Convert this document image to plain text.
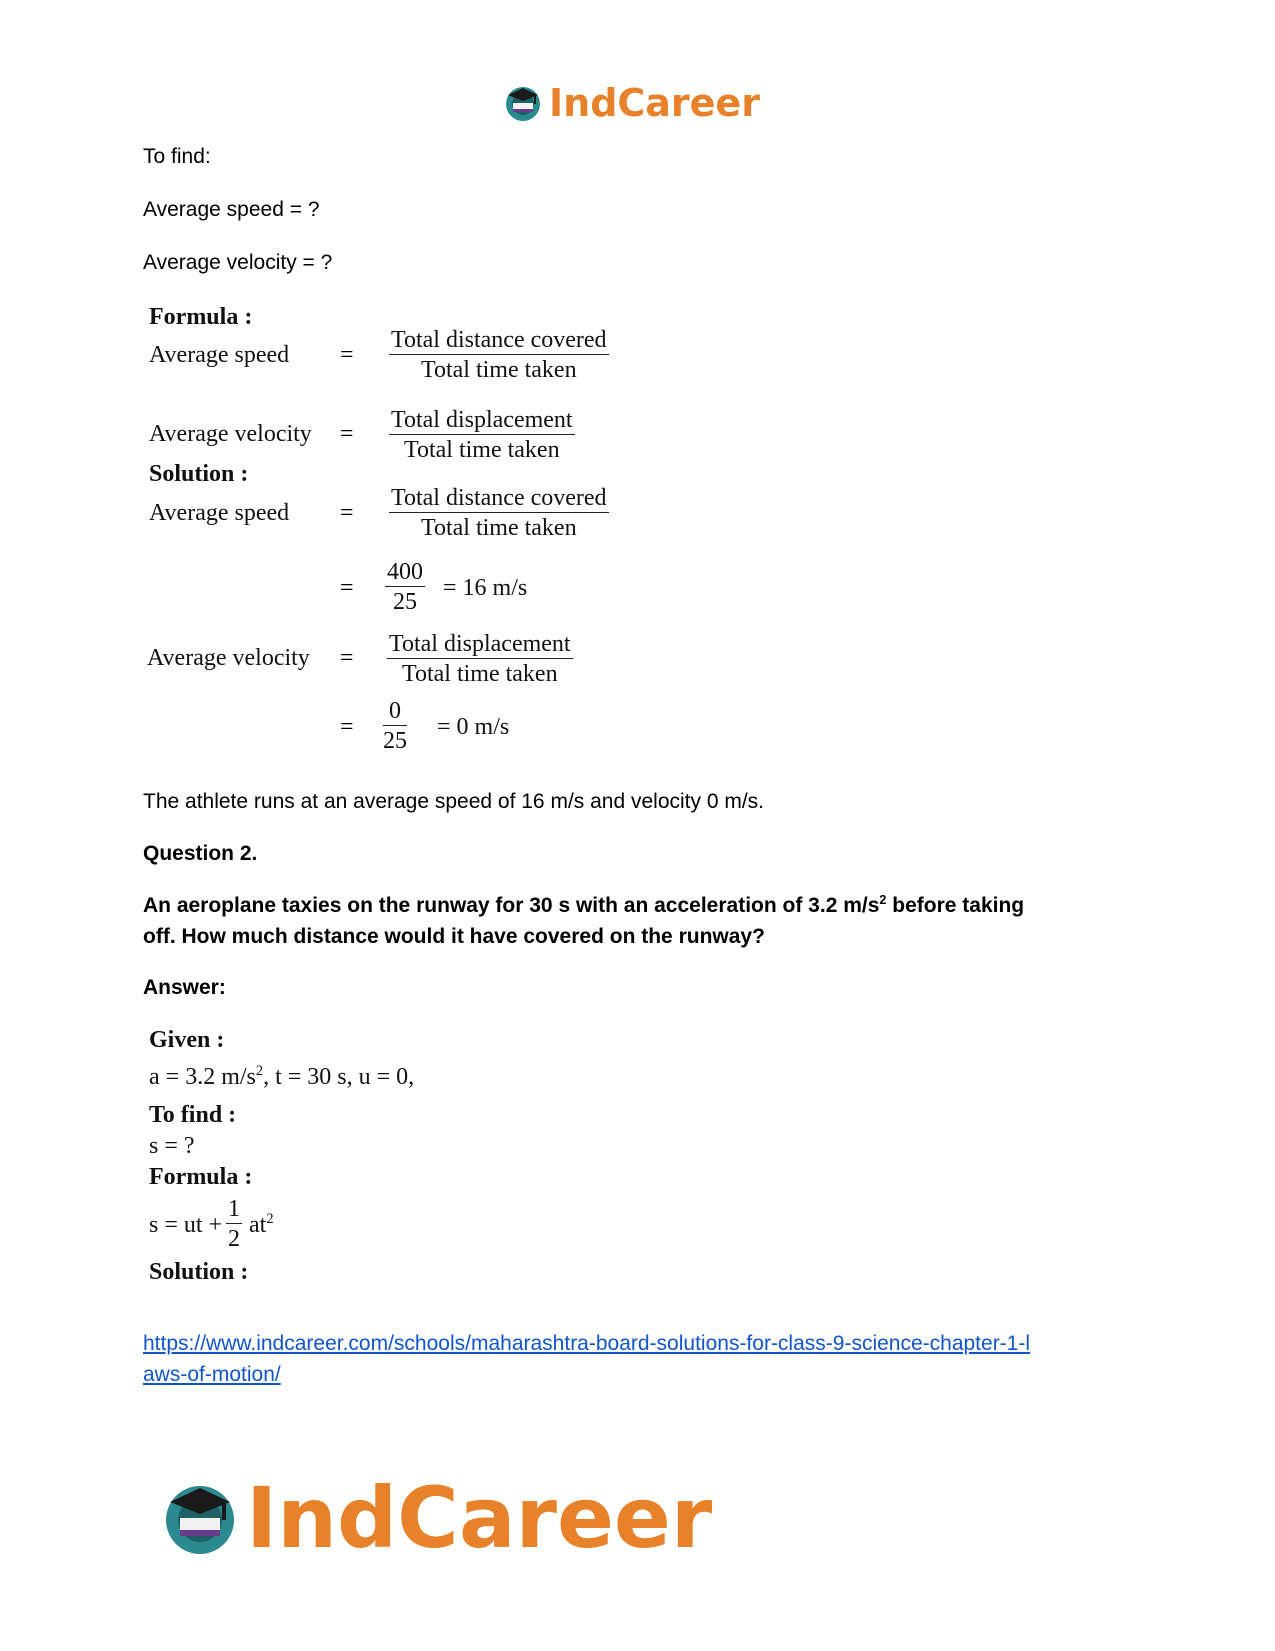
IndCareer
To find:
Average speed = ?
Average velocity = ?
Formula :
Average speed =
Total distance covered
Total time taken
Average velocity =
Total displacement
Total time taken
Solution :
Average speed =
Total distance covered
Total time taken
= $\frac{400}{25} = 16$ m/s
Average velocity =
Total displacement
Total time taken
= $\frac{0}{25} = 0$ m/s
The athlete runs at an average speed of 16 m/s and velocity 0 m/s.
Question 2.
An aeroplane taxies on the runway for 30 s with an acceleration of 3.2 $m/s^2$ before taking
off. How much distance would it have covered on the runway?
Answer:
Given :
a = 3.2 $m/s^2$, t = 30 s, u = 0,
To find :
s = ?
Formula :
s = ut + $\frac{1}{2} at^2$
Solution :
https://www.indcareer.com/schools/maharashtra-board-solutions-for-class-9-science-chapter-1-l
aws-of-motion/
IndCareer
